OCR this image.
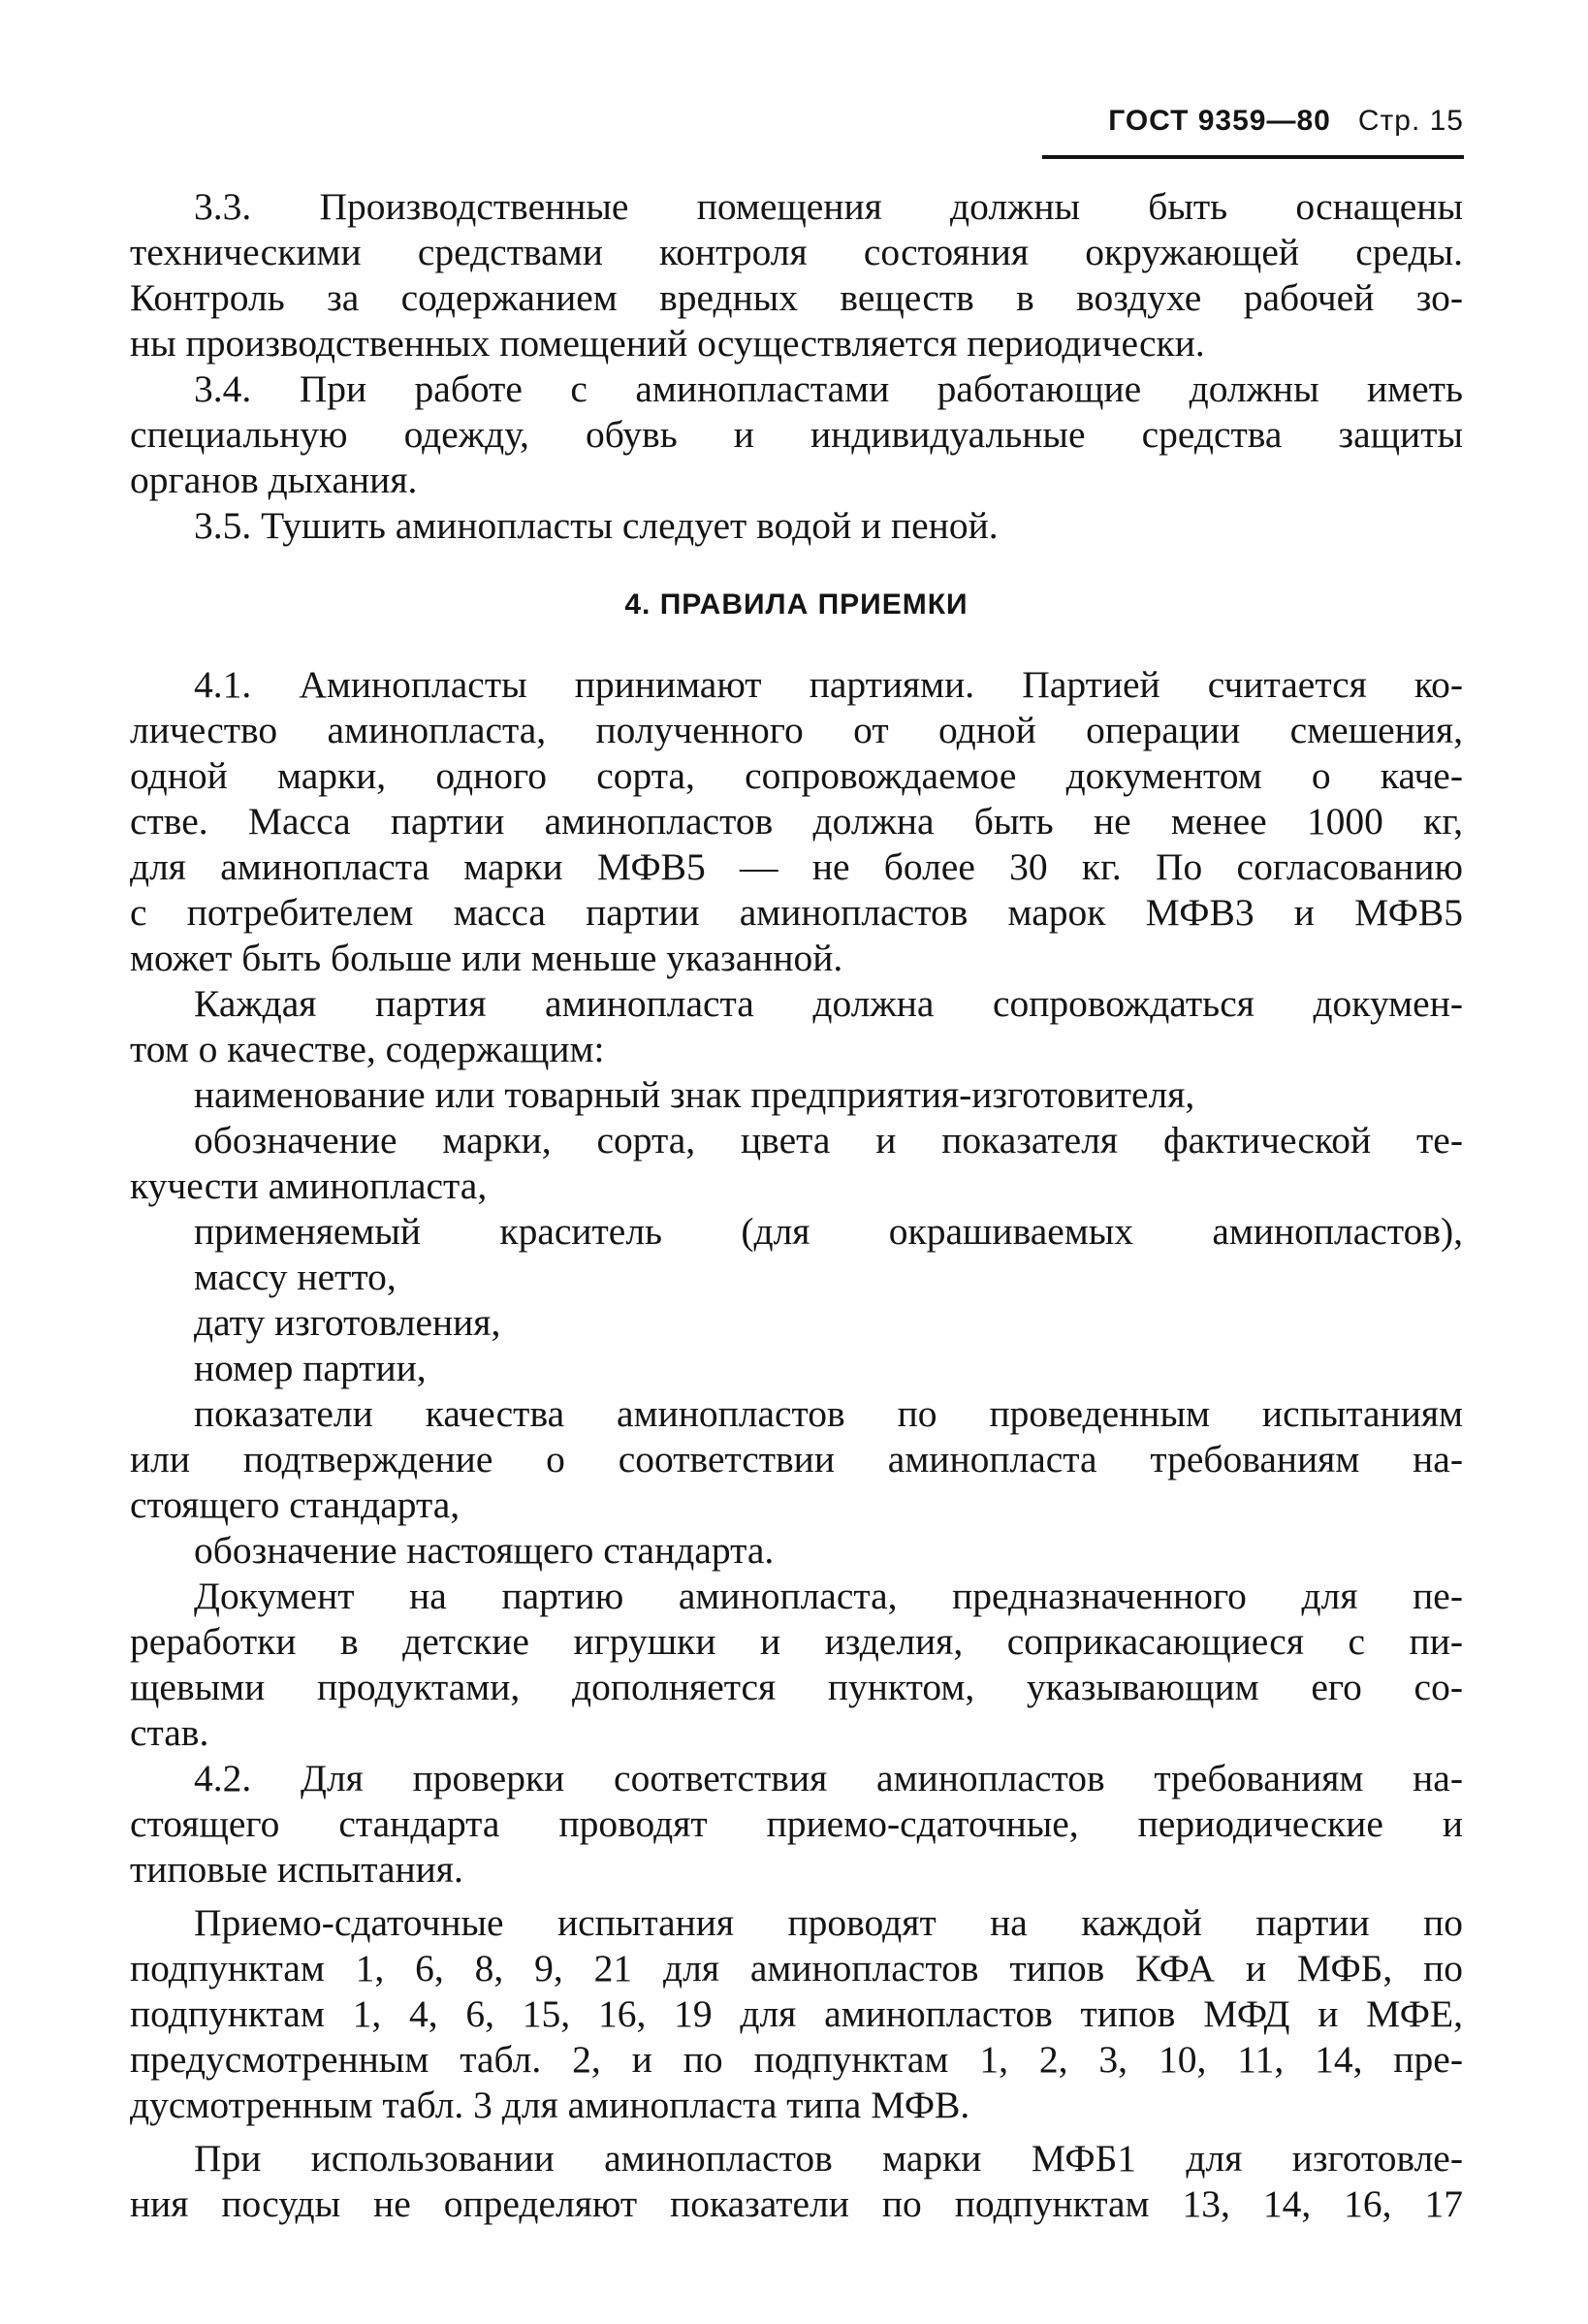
ГОСТ 9359—80 Стр. 15
3.3. Производственные помещения должны быть оснащены
техническими средствами контроля состояния окружающей среды.
Контроль за содержанием вредных веществ в воздухе рабочей зо-
ны производственных помещений осуществляется периодически.
3.4. При работе с аминопластами работающие должны иметь
специальную одежду, обувь и индивидуальные средства защиты
органов дыхания.
3.5. Тушить аминопласты следует водой и пеной.
4. ПРАВИЛА ПРИЕМКИ
4.1. Аминопласты принимают партиями. Партией считается ко-
личество аминопласта, полученного от одной операции смешения,
одной марки, одного сорта, сопровождаемое документом о каче-
стве. Масса партии аминопластов должна быть не менее 1000 кг,
для аминопласта марки МФВ5 — не более 30 кг. По согласованию
с потребителем масса партии аминопластов марок МФВ3 и МФВ5
может быть больше или меньше указанной.
Каждая партия аминопласта должна сопровождатьcя докумен-
том о качестве, содержащим:
наименование или товарный знак предприятия-изготовителя,
обозначение марки, сорта, цвета и показателя фактической те-
кучести аминопласта,
применяемый краситель (для окрашиваемых аминопластов),
массу нетто,
дату изготовления,
номер партии,
показатели качества аминопластов по проведенным испытаниям
или подтверждение о соответствии аминопласта требованиям на-
стоящего стандарта,
обозначение настоящего стандарта.
Документ на партию аминопласта, предназначенного для пе-
реработки в детские игрушки и изделия, соприкасающиеся с пи-
щевыми продуктами, дополняется пунктом, указывающим его со-
став.
4.2. Для проверки соответствия аминопластов требованиям на-
стоящего стандарта проводят приемо-сдаточные, периодические и
типовые испытания.
Приемо-сдаточные испытания проводят на каждой партии по
подпунктам 1, 6, 8, 9, 21 для аминопластов типов КФА и МФБ, по
подпунктам 1, 4, 6, 15, 16, 19 для аминопластов типов МФД и МФЕ,
предусмотренным табл. 2, и по подпунктам 1, 2, 3, 10, 11, 14, пре-
дусмотренным табл. 3 для аминопласта типа МФВ.
При использовании аминопластов марки МФБ1 для изготовле-
ния посуды не определяют показатели по подпунктам 13, 14, 16, 17
